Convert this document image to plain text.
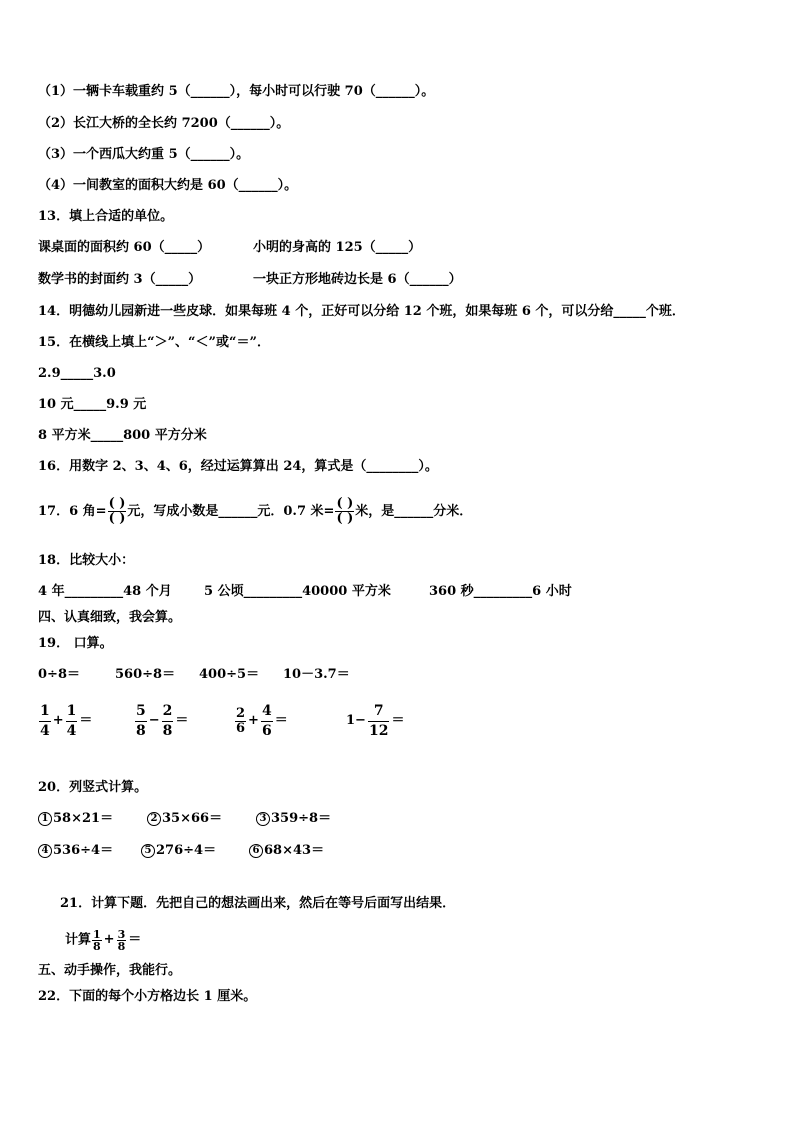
（1）一辆卡车载重约 5（______），每小时可以行驶 70（______）。
（2）长江大桥的全长约 7200（______）。
（3）一个西瓜大约重 5（______）。
（4）一间教室的面积大约是 60（______）。
13．填上合适的单位。
课桌面的面积约 60（_____）	小明的身高的 125（_____）
数学书的封面约 3（_____）	一块正方形地砖边长是 6（______）
14．明德幼儿园新进一些皮球．如果每班 4 个，正好可以分给 12 个班，如果每班 6 个，可以分给_____个班．
15．在横线上填上“＞”、“＜”或“＝”．
2.9_____3.0
10 元_____9.9 元
8 平方米_____800 平方分米
16．用数字 2、3、4、6，经过运算算出 24，算式是（________）。
17．6 角=
( )
( ) 元，写成小数是______元．0.7 米=
( )
( ) 米，是______分米．
18．比较大小：
4 年_________48 个月 5 公顷_________40000 平方米	360 秒_________6 小时
四、认真细致，我会算。
19． 口算。
0÷8＝	560÷8＝ 400÷5＝ 10－3.7＝
$\frac{1}{4} + \frac{1}{4}$ ＝	$\frac{5}{8} - \frac{2}{8}$ ＝	$\frac{2}{6} + \frac{4}{6}$ ＝	$1- \frac{7}{12}$ ＝
20．列竖式计算。
1 58×21＝	2 35×66＝	3 359÷8＝
4 536÷4＝	5 276÷4＝	6 68×43＝
21．计算下题．先把自己的想法画出来，然后在等号后面写出结果．
计算 $\frac{1}{8} + \frac{3}{8}$ ＝
五、动手操作，我能行。
22．下面的每个小方格边长 1 厘米。
